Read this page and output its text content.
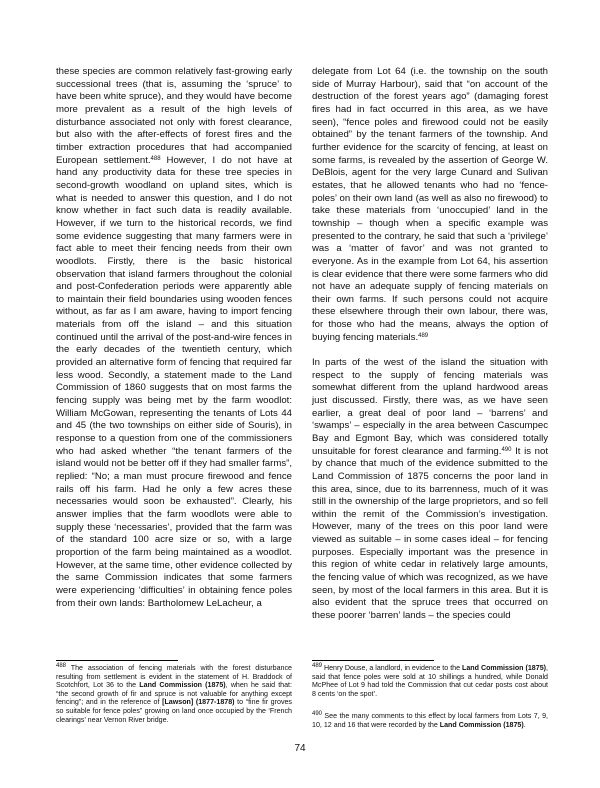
these species are common relatively fast-growing early successional trees (that is, assuming the ‘spruce’ to have been white spruce), and they would have become more prevalent as a result of the high levels of disturbance associated not only with forest clearance, but also with the after-effects of forest fires and the timber extraction procedures that had accompanied European settlement.$^{488}$ However, I do not have at hand any productivity data for these tree species in second-growth woodland on upland sites, which is what is needed to answer this question, and I do not know whether in fact such data is readily available. However, if we turn to the historical records, we find some evidence suggesting that many farmers were in fact able to meet their fencing needs from their own woodlots. Firstly, there is the basic historical observation that island farmers throughout the colonial and post-Confederation periods were apparently able to maintain their field boundaries using wooden fences without, as far as I am aware, having to import fencing materials from off the island – and this situation continued until the arrival of the post-and-wire fences in the early decades of the twentieth century, which provided an alternative form of fencing that required far less wood. Secondly, a statement made to the Land Commission of 1860 suggests that on most farms the fencing supply was being met by the farm woodlot: William McGowan, representing the tenants of Lots 44 and 45 (the two townships on either side of Souris), in response to a question from one of the commissioners who had asked whether “the tenant farmers of the island would not be better off if they had smaller farms”, replied: “No; a man must procure firewood and fence rails off his farm. Had he only a few acres these necessaries would soon be exhausted”. Clearly, his answer implies that the farm woodlots were able to supply these ‘necessaries’, provided that the farm was of the standard 100 acre size or so, with a large proportion of the farm being maintained as a woodlot. However, at the same time, other evidence collected by the same Commission indicates that some farmers were experiencing ‘difficulties’ in obtaining fence poles from their own lands: Bartholomew LeLacheur, a

delegate from Lot 64 (i.e. the township on the south side of Murray Harbour), said that “on account of the destruction of the forest years ago” (damaging forest fires had in fact occurred in this area, as we have seen), “fence poles and firewood could not be easily obtained” by the tenant farmers of the township. And further evidence for the scarcity of fencing, at least on some farms, is revealed by the assertion of George W. DeBlois, agent for the very large Cunard and Sulivan estates, that he allowed tenants who had no ‘fence-poles’ on their own land (as well as also no firewood) to take these materials from ‘unoccupied’ land in the township – though when a specific example was presented to the contrary, he said that such a ‘privilege’ was a ‘matter of favor’ and was not granted to everyone. As in the example from Lot 64, his assertion is clear evidence that there were some farmers who did not have an adequate supply of fencing materials on their own farms. If such persons could not acquire these elsewhere through their own labour, there was, for those who had the means, always the option of buying fencing materials.$^{489}$

In parts of the west of the island the situation with respect to the supply of fencing materials was somewhat different from the upland hardwood areas just discussed. Firstly, there was, as we have seen earlier, a great deal of poor land – ‘barrens’ and ‘swamps’ – especially in the area between Cascumpec Bay and Egmont Bay, which was considered totally unsuitable for forest clearance and farming.$^{490}$ It is not by chance that much of the evidence submitted to the Land Commission of 1875 concerns the poor land in this area, since, due to its barrenness, much of it was still in the ownership of the large proprietors, and so fell within the remit of the Commission’s investigation. However, many of the trees on this poor land were viewed as suitable – in some cases ideal – for fencing purposes. Especially important was the presence in this region of white cedar in relatively large amounts, the fencing value of which was recognized, as we have seen, by most of the local farmers in this area. But it is also evident that the spruce trees that occurred on these poorer ‘barren’ lands – the species could

$^{488}$ The association of fencing materials with the forest disturbance resulting from settlement is evident in the statement of H. Braddock of Scotchfort, Lot 36 to the Land Commission (1875), when he said that: “the second growth of fir and spruce is not valuable for anything except fencing”; and in the reference of [Lawson] (1877-1878) to “fine fir groves so suitable for fence poles” growing on land once occupied by the ‘French clearings’ near Vernon River bridge.
$^{489}$ Henry Douse, a landlord, in evidence to the Land Commission (1875), said that fence poles were sold at 10 shillings a hundred, while Donald McPhee of Lot 9 had told the Commission that cut cedar posts cost about 8 cents ‘on the spot’.
$^{490}$ See the many comments to this effect by local farmers from Lots 7, 9, 10, 12 and 16 that were recorded by the Land Commission (1875).
74
